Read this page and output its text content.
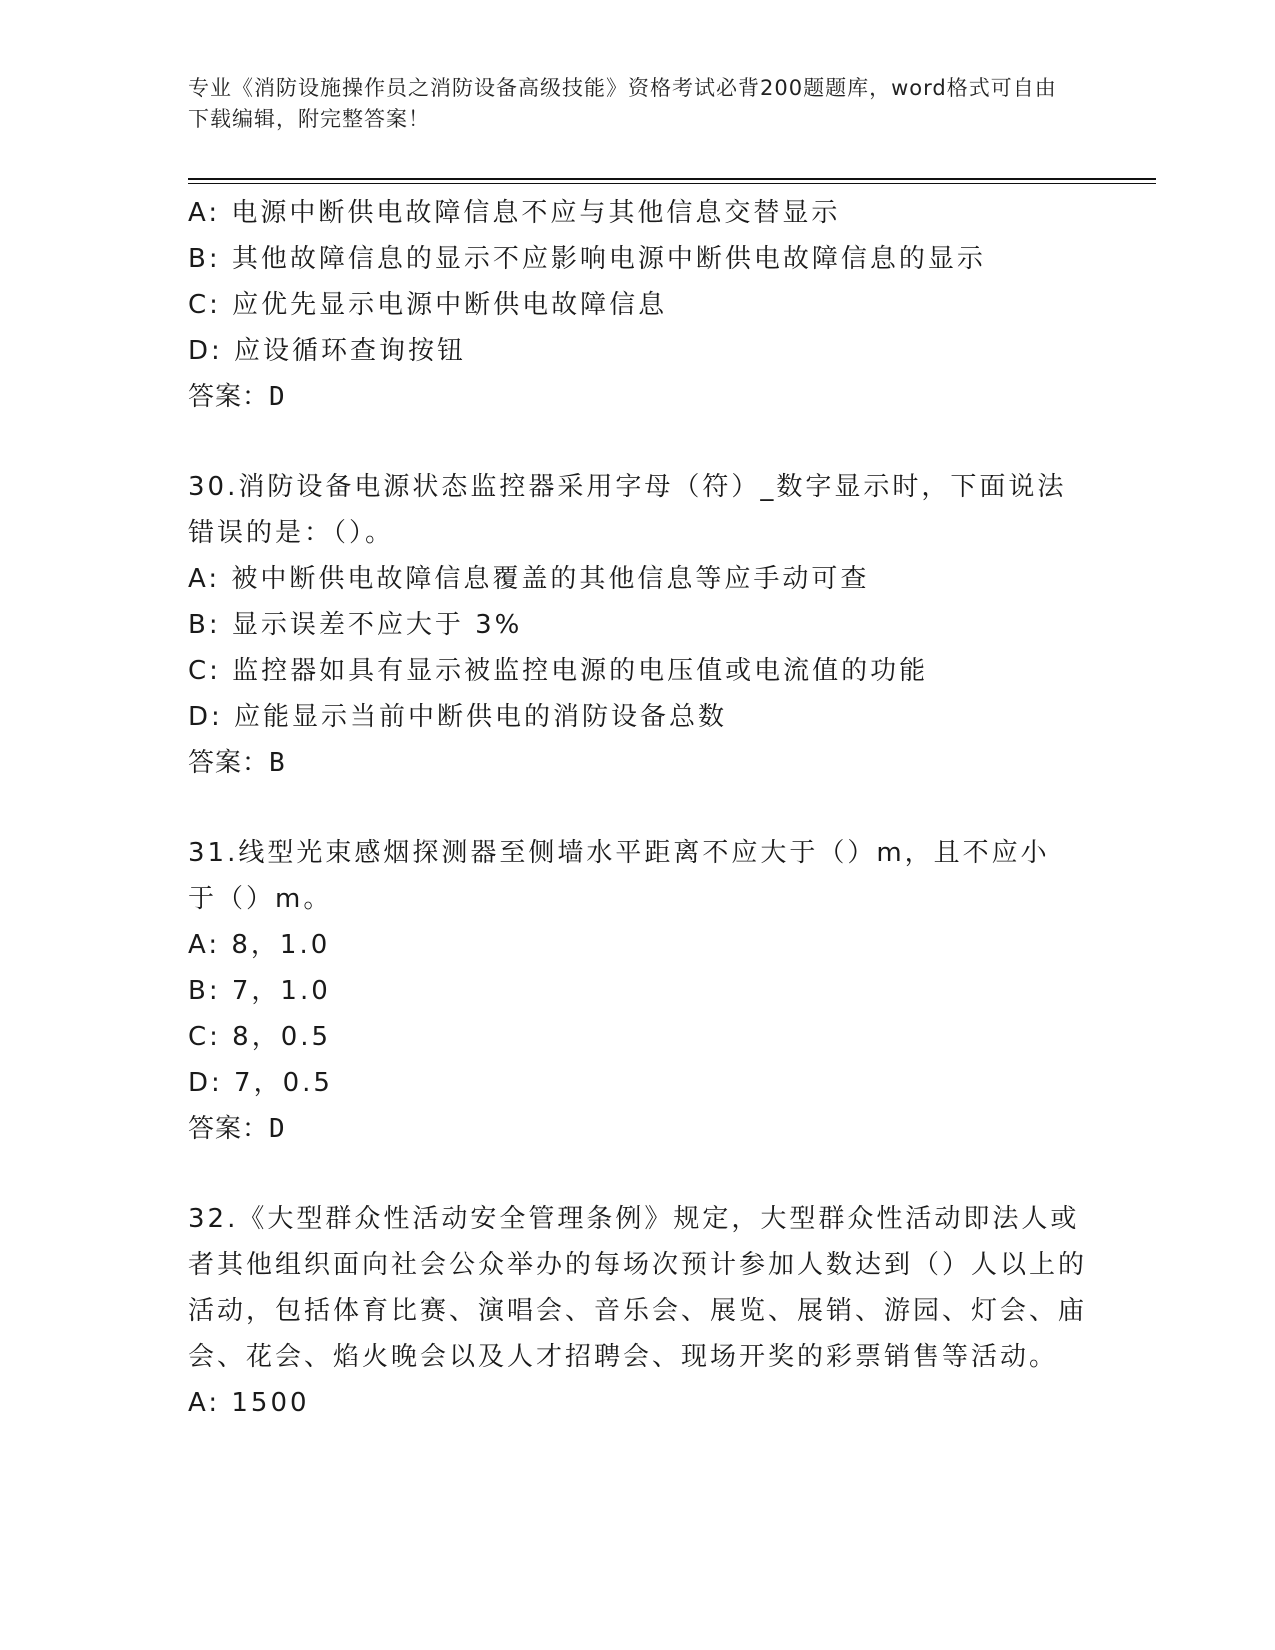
专业《消防设施操作员之消防设备高级技能》资格考试必背200题题库，word格式可自由下载编辑，附完整答案！
A: 电源中断供电故障信息不应与其他信息交替显示
B: 其他故障信息的显示不应影响电源中断供电故障信息的显示
C: 应优先显示电源中断供电故障信息
D: 应设循环查询按钮
答案：D
30.消防设备电源状态监控器采用字母（符）_数字显示时，下面说法错误的是：（）。
A: 被中断供电故障信息覆盖的其他信息等应手动可查
B: 显示误差不应大于 3%
C: 监控器如具有显示被监控电源的电压值或电流值的功能
D: 应能显示当前中断供电的消防设备总数
答案：B
31.线型光束感烟探测器至侧墙水平距离不应大于（）m，且不应小于（）m。
A: 8，1.0
B: 7，1.0
C: 8，0.5
D: 7，0.5
答案：D
32.《大型群众性活动安全管理条例》规定，大型群众性活动即法人或者其他组织面向社会公众举办的每场次预计参加人数达到（）人以上的活动，包括体育比赛、演唱会、音乐会、展览、展销、游园、灯会、庙会、花会、焰火晚会以及人才招聘会、现场开奖的彩票销售等活动。
A: 1500
